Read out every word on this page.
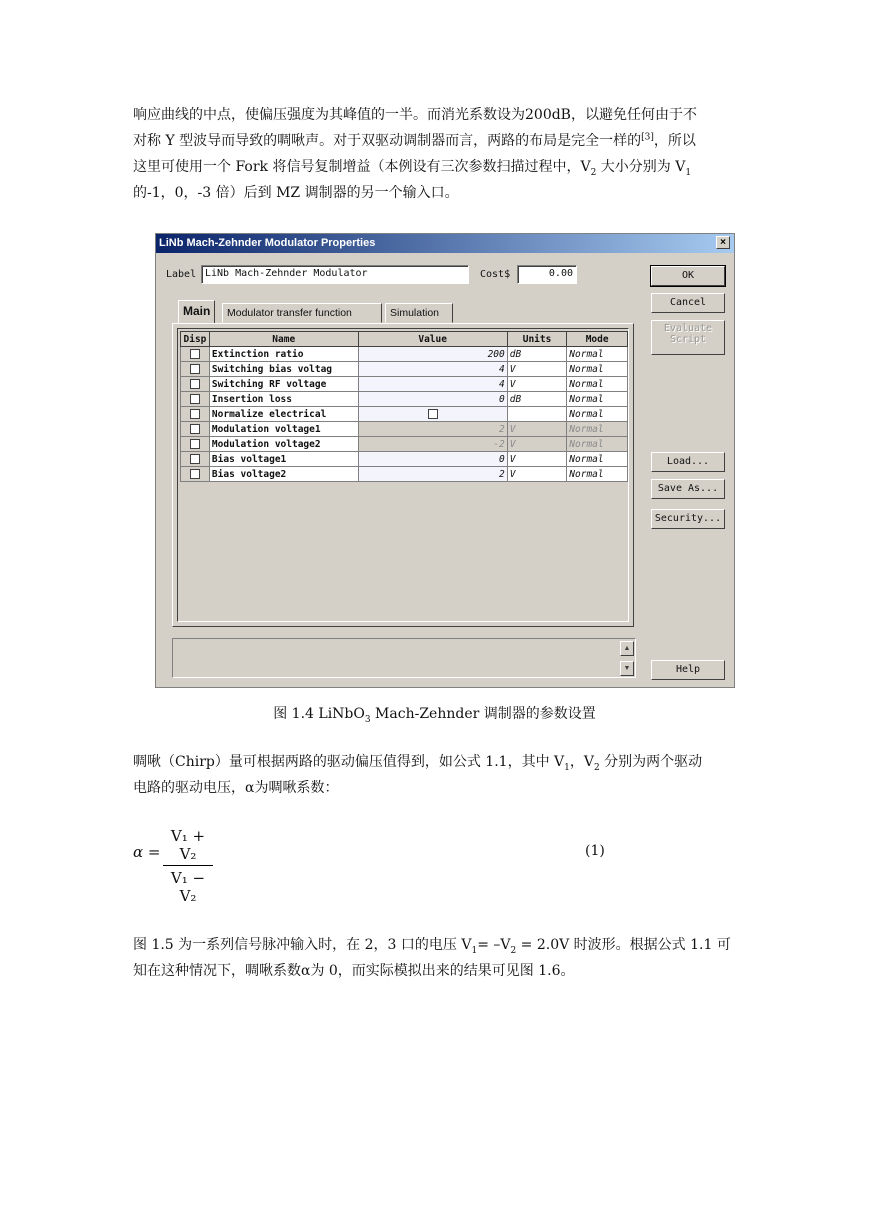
响应曲线的中点，使偏压强度为其峰值的一半。而消光系数设为200dB，以避免任何由于不
对称 Y 型波导而导致的啁啾声。对于双驱动调制器而言，两路的布局是完全一样的[3]，所以
这里可使用一个 Fork 将信号复制增益（本例设有三次参数扫描过程中，$V_2$ 大小分别为 $V_1$
的-1，0，-3 倍）后到 MZ 调制器的另一个输入口。
LiNb Mach-Zehnder Modulator Properties	×
Label LiNb Mach-Zehnder Modulator	Cost$	0.00	OK
Cancel
Evaluate
Script
Load...
Save As...
Security...
Help
Main	Modulator transfer function	Simulation
Disp	Name	Value	Units	Mode
	Extinction ratio	200	dB	Normal
	Switching bias voltag	4	V	Normal
	Switching RF voltage	4	V	Normal
	Insertion loss	0	dB	Normal
	Normalize electrical			Normal
	Modulation voltage1	2	V	Normal
	Modulation voltage2	-2	V	Normal
	Bias voltage1	0	V	Normal
	Bias voltage2	2	V	Normal
▲
▼
图 1.4 LiNbO$_3$ Mach-Zehnder 调制器的参数设置
啁啾（Chirp）量可根据两路的驱动偏压值得到，如公式 1.1，其中 $V_1$，$V_2$ 分别为两个驱动
电路的驱动电压，α为啁啾系数：
$\alpha = \frac{\text{V₁ + V₂}}{\text{V₁ − V₂}}$	(1)
图 1.5 为一系列信号脉冲输入时，在 2，3 口的电压 $V_1= -V_2 = 2.0V$ 时波形。根据公式 1.1 可
知在这种情况下，啁啾系数α为 0，而实际模拟出来的结果可见图 1.6。
